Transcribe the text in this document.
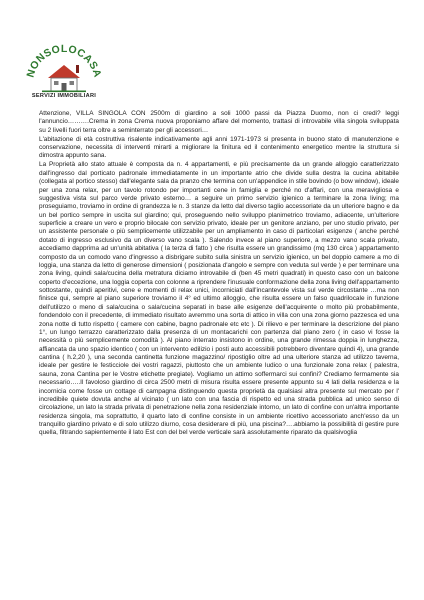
NONSOLOCASA
SERVIZI IMMOBILIARI

Attenzione, VILLA SINGOLA CON 2500m di giardino a soli 1000 passi da Piazza Duomo, non ci credi? leggi l'annuncio……….Crema in zona Crema nuova proponiamo affare del momento, trattasi di introvabile villa singola sviluppata su 2 livelli fuori terra oltre a seminterrato per gli accessori…

L'abitazione di età costruttiva risalente indicativamente agli anni 1971-1973 si presenta in buono stato di manutenzione e conservazione, necessita di interventi mirarti a migliorare la finitura ed il contenimento energetico mentre la struttura si dimostra appunto sana.

La Proprietà allo stato attuale è composta da n. 4 appartamenti, e più precisamente da un grande alloggio caratterizzato dall'ingresso dal porticato padronale immediatamente in un importante atrio che divide sulla destra la cucina abitabile (collegata al portico stesso) dall'elegante sala da pranzo che termina con un'appendice in stile bovindo (o bow window), ideale per una zona relax, per un tavolo rotondo per importanti cene in famiglia e perché no d'affari, con una meravigliosa e suggestiva vista sul parco verde privato esterno… a seguire un primo servizio igienico a terminare la zona living; ma proseguiamo, troviamo in ordine di grandezza le n. 3 stanze da letto dal diverso taglio accessoriate da un ulteriore bagno e da un bel portico sempre in uscita sul giardino; qui, proseguendo nello sviluppo planimetrico troviamo, adiacente, un'ulteriore superficie a creare un vero e proprio bilocale con servizio privato, ideale per un genitore anziano, per uno studio privato, per un assistente personale o più semplicemente utilizzabile per un ampliamento in caso di particolari esigenze ( anche perché dotato di ingresso esclusivo da un diverso vano scala ). Salendo invece al piano superiore, a mezzo vano scala privato, accediamo dapprima ad un'unità abitativa ( la terza di fatto ) che risulta essere un grandissimo (mq 130 circa ) appartamento composto da un comodo vano d'ingresso a disbrigare subito sulla sinistra un servizio igienico, un bel doppio camere a mo di loggia, una stanza da letto di generose dimensioni ( posizionata d'angolo e sempre con veduta sul verde ) e per terminare una zona living, quindi sala/cucina della metratura diciamo introvabile di (ben 45 metri quadrati) in questo caso con un balcone coperto d'eccezione, una loggia coperta con colonne a riprendere l'inusuale conformazione della zona living dell'appartamento sottostante, quindi aperitivi, cene e momenti di relax unici, incorniciati dall'incantevole vista sul verde circostante …ma non finisce qui, sempre al piano superiore troviamo il 4° ed ultimo alloggio, che risulta essere un falso quadrilocale in funzione dell'utilizzo o meno di sala/cucina o sala/cucina separati in base alle esigenze dell'acquirente o molto più probabilmente, fondendolo con il precedente, di immediato risultato avremmo una sorta di attico in villa con una zona giorno pazzesca ed una zona notte di tutto rispetto ( camere con cabine, bagno padronale etc etc ). Di rilievo e per terminare la descrizione del piano 1°, un lungo terrazzo caratterizzato dalla presenza di un montacarichi con partenza dal piano zero ( in caso vi fosse la necessità o più semplicemente comodità ). Al piano interrato insistono in ordine, una grande rimessa doppia in lunghezza, affiancata da uno spazio identico ( con un intervento edilizio i posti auto accessibili potrebbero diventare quindi 4), una grande cantina ( h.2,20 ), una seconda cantinetta funzione magazzino/ ripostiglio oltre ad una ulteriore stanza ad utilizzo taverna, ideale per gestire le festicciole dei vostri ragazzi, piuttosto che un ambiente ludico o una funzionale zona relax ( palestra, sauna, zona Cantina per le Vostre etichette pregiate). Vogliamo un attimo soffermarci sui confini? Crediamo fermamente sia necessario…..Il favoloso giardino di circa 2500 metri di misura risulta essere presente appunto su 4 lati della residenza e la incornicia come fosse un cottage di campagna distinguendo questa proprietà da qualsiasi altra presente sul mercato per l' incredibile quiete dovuta anche al vicinato ( un lato con una fascia di rispetto ed una strada pubblica ad unico senso di circolazione, un lato la strada privata di penetrazione nella zona residenziale intorno, un lato di confine con un'altra importante residenza singola, ma soprattutto, il quarto lato di confine consiste in un ambiente ricettivo accessoriato anch'esso da un tranquillo giardino privato e di solo utilizzo diurno, cosa desiderare di più, una piscina?….abbiamo la possibilità di gestire pure quella, filtrando sapientemente il lato Est con del bel verde verticale sarà assolutamente riparato da qualsivoglia
